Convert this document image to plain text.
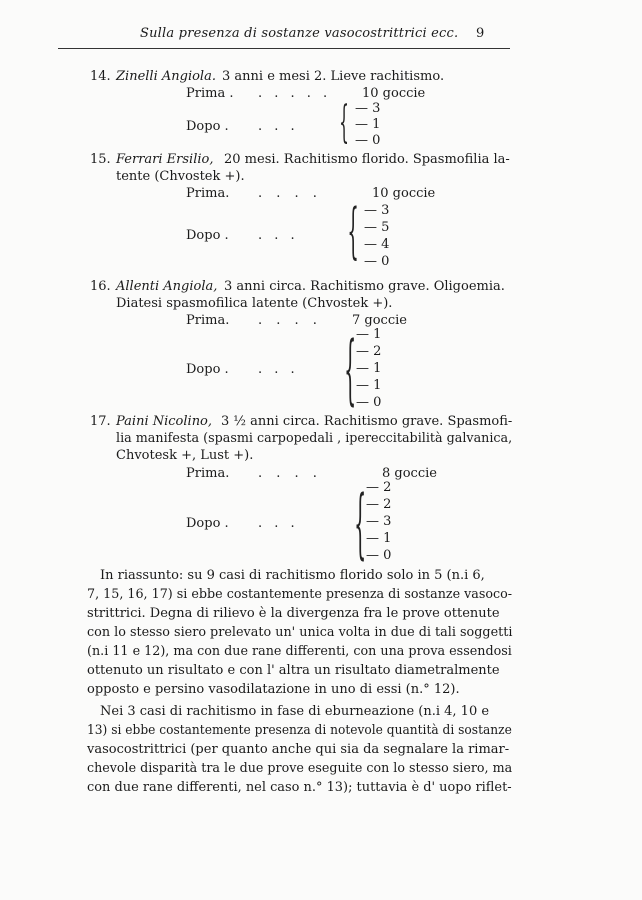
Sulla presenza di sostanze vasocostrittrici ecc. 9
14. Zinelli Angiola. 3 anni e mesi 2. Lieve rachitismo.
Prima . . . . . . 10 goccie
Dopo . . . . { — 3
— 1
— 0
15. Ferrari Ersilio, 20 mesi. Rachitismo florido. Spasmofilia la-
tente (Chvostek +).
Prima. . . . .	10 goccie
Dopo . . . . { — 3
— 5
— 4
— 0
16. Allenti Angiola, 3 anni circa. Rachitismo grave. Oligoemia.
Diatesi spasmofilica latente (Chvostek +).
Prima. . . . . 7 goccie
Dopo . . . . { — 1
— 2
— 1
— 1
— 0
17. Paini Nicolino, 3 ½ anni circa. Rachitismo grave. Spasmofi-
lia manifesta (spasmi carpopedali , ipereccitabilità galvanica,
Chvotesk +, Lust +).
Prima. . . . .	8 goccie
Dopo . . . . { — 2
— 2
— 3
— 1
— 0
In riassunto: su 9 casi di rachitismo florido solo in 5 (n.i 6,
7, 15, 16, 17) si ebbe costantemente presenza di sostanze vasoco-
strittrici. Degna di rilievo è la divergenza fra le prove ottenute
con lo stesso siero prelevato un' unica volta in due di tali soggetti
(n.i 11 e 12), ma con due rane differenti, con una prova essendosi
ottenuto un risultato e con l' altra un risultato diametralmente
opposto e persino vasodilatazione in uno di essi (n.° 12).
Nei 3 casi di rachitismo in fase di eburneazione (n.i 4, 10 e
13) si ebbe costantemente presenza di notevole quantità di sostanze
vasocostrittrici (per quanto anche qui sia da segnalare la rimar-
chevole disparità tra le due prove eseguite con lo stesso siero, ma
con due rane differenti, nel caso n.° 13); tuttavia è d' uopo riflet-
